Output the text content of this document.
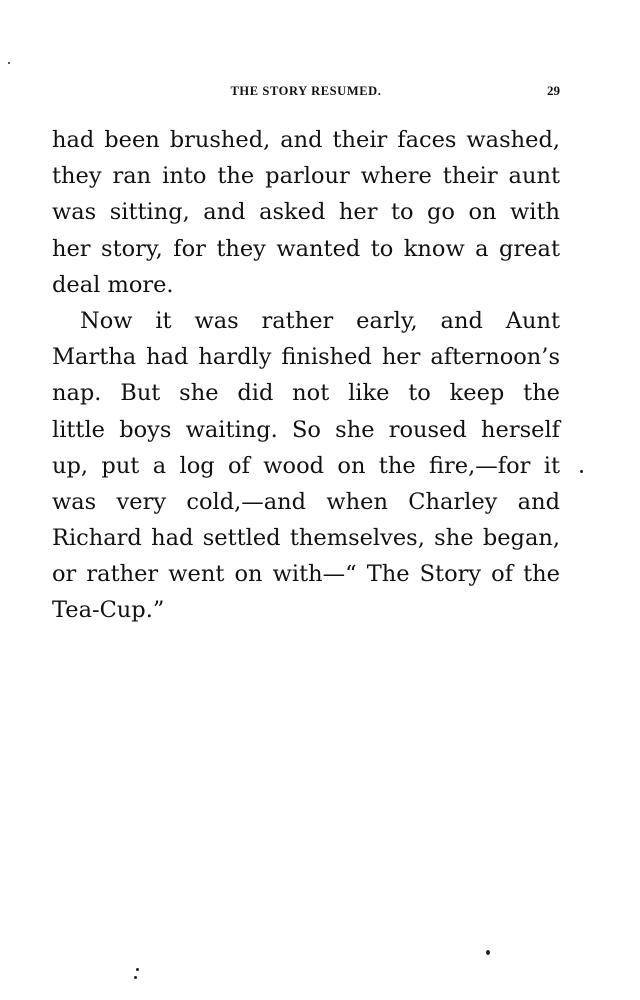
THE STORY RESUMED.	29

had been brushed, and their faces washed,
they ran into the parlour where their aunt
was sitting, and asked her to go on with
her story, for they wanted to know a great
deal more.

Now it was rather early, and Aunt
Martha had hardly finished her afternoon’s
nap. But she did not like to keep the
little boys waiting. So she roused herself
up, put a log of wood on the fire,—for it
was very cold,—and when Charley and
Richard had settled themselves, she began,
or rather went on with—“ The Story of the
Tea-Cup.”
